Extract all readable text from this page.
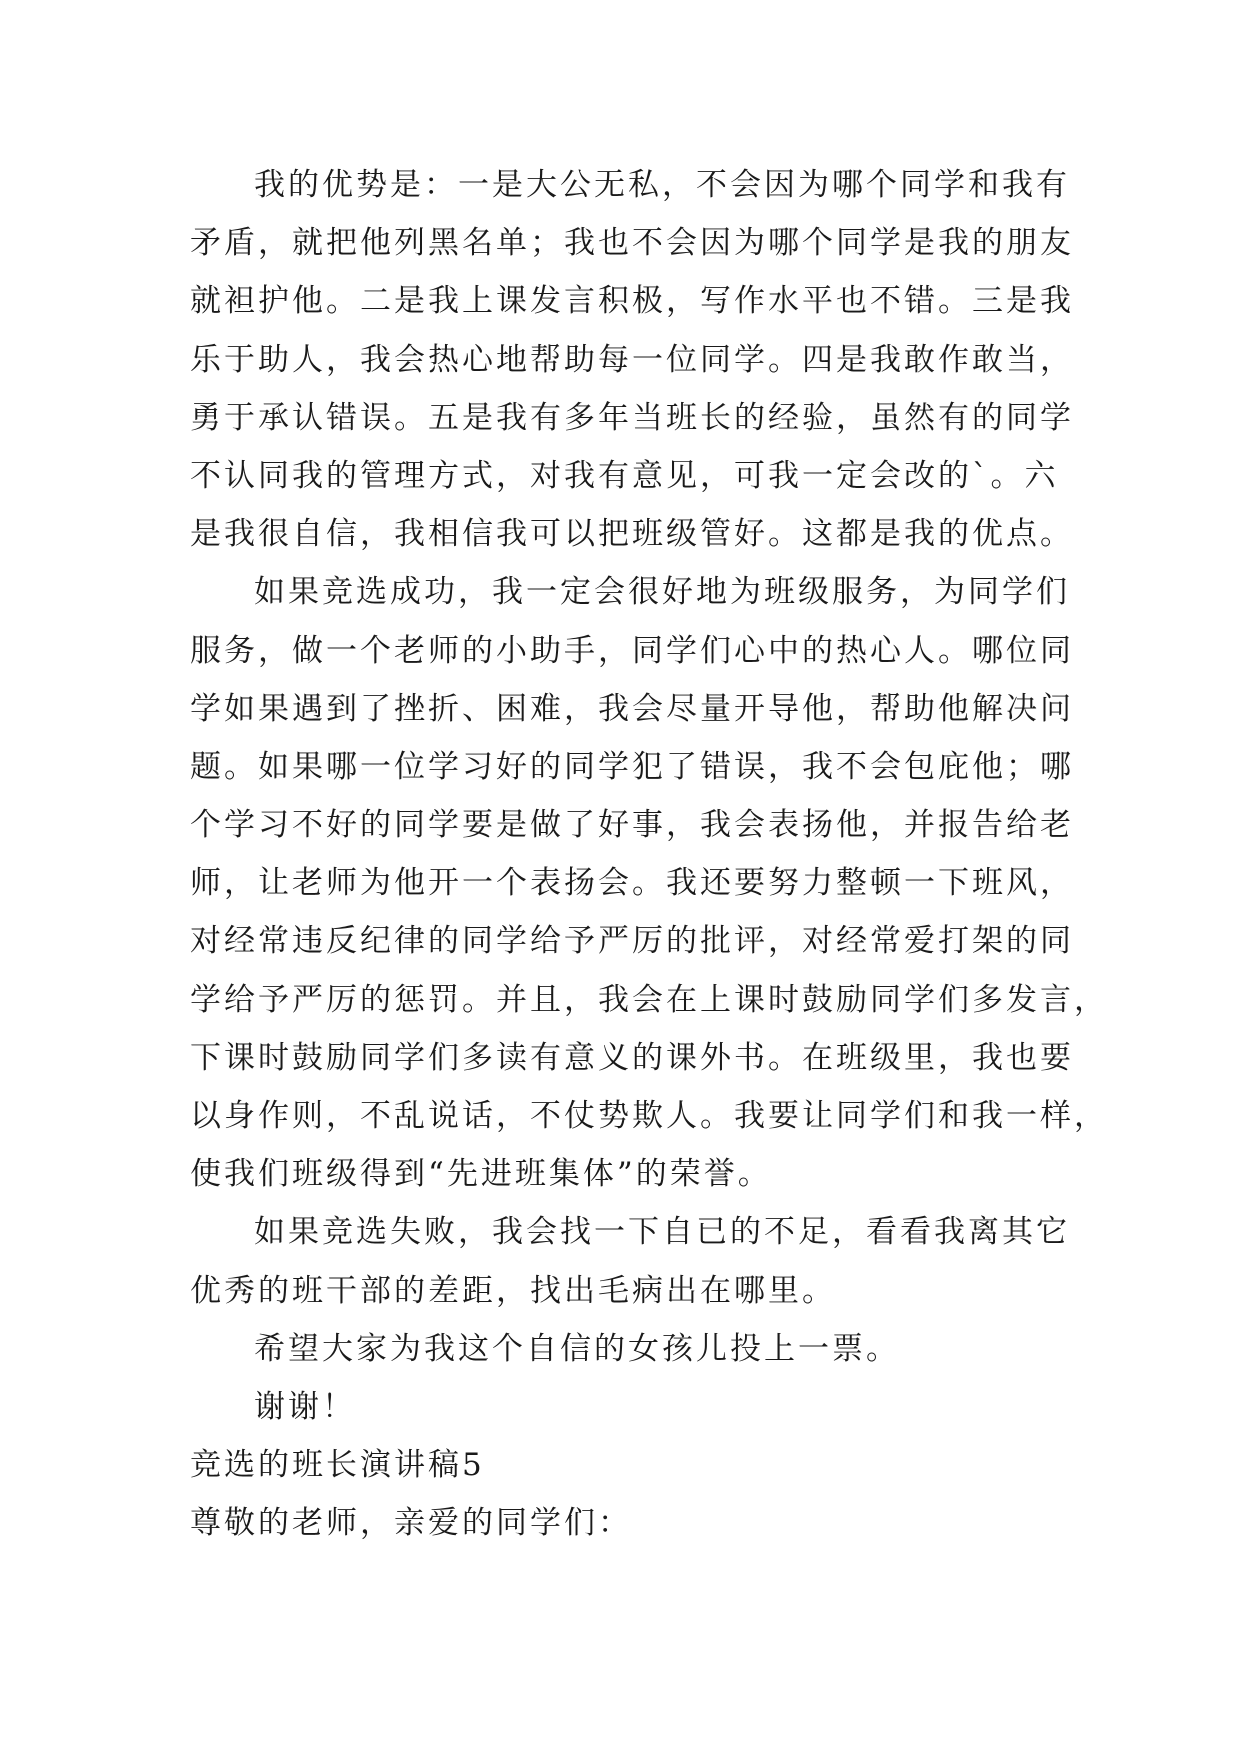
我的优势是：一是大公无私，不会因为哪个同学和我有
矛盾，就把他列黑名单；我也不会因为哪个同学是我的朋友
就袒护他。二是我上课发言积极，写作水平也不错。三是我
乐于助人，我会热心地帮助每一位同学。四是我敢作敢当，
勇于承认错误。五是我有多年当班长的经验，虽然有的同学
不认同我的管理方式，对我有意见，可我一定会改的`。六
是我很自信，我相信我可以把班级管好。这都是我的优点。
如果竞选成功，我一定会很好地为班级服务，为同学们
服务，做一个老师的小助手，同学们心中的热心人。哪位同
学如果遇到了挫折、困难，我会尽量开导他，帮助他解决问
题。如果哪一位学习好的同学犯了错误，我不会包庇他；哪
个学习不好的同学要是做了好事，我会表扬他，并报告给老
师，让老师为他开一个表扬会。我还要努力整顿一下班风，
对经常违反纪律的同学给予严厉的批评，对经常爱打架的同
学给予严厉的惩罚。并且，我会在上课时鼓励同学们多发言，
下课时鼓励同学们多读有意义的课外书。在班级里，我也要
以身作则，不乱说话，不仗势欺人。我要让同学们和我一样，
使我们班级得到“先进班集体”的荣誉。
如果竞选失败，我会找一下自已的不足，看看我离其它
优秀的班干部的差距，找出毛病出在哪里。
希望大家为我这个自信的女孩儿投上一票。
谢谢！
竞选的班长演讲稿5
尊敬的老师，亲爱的同学们：
